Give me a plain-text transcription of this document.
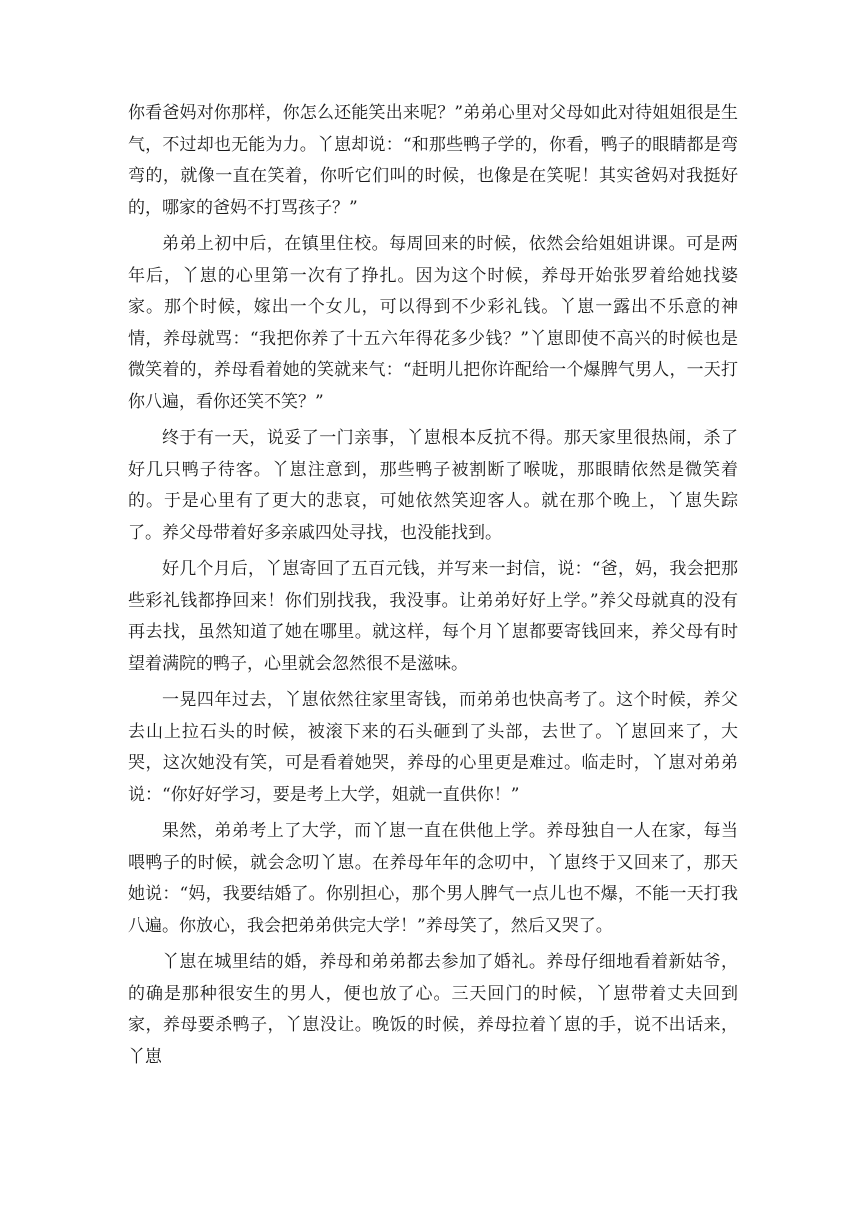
你看爸妈对你那样，你怎么还能笑出来呢？”弟弟心里对父母如此对待姐姐很是生气，不过却也无能为力。丫崽却说：“和那些鸭子学的，你看，鸭子的眼睛都是弯弯的，就像一直在笑着，你听它们叫的时候，也像是在笑呢！其实爸妈对我挺好的，哪家的爸妈不打骂孩子？”

弟弟上初中后，在镇里住校。每周回来的时候，依然会给姐姐讲课。可是两年后，丫崽的心里第一次有了挣扎。因为这个时候，养母开始张罗着给她找婆家。那个时候，嫁出一个女儿，可以得到不少彩礼钱。丫崽一露出不乐意的神情，养母就骂：“我把你养了十五六年得花多少钱？”丫崽即使不高兴的时候也是微笑着的，养母看着她的笑就来气：“赶明儿把你许配给一个爆脾气男人，一天打你八遍，看你还笑不笑？”

终于有一天，说妥了一门亲事，丫崽根本反抗不得。那天家里很热闹，杀了好几只鸭子待客。丫崽注意到，那些鸭子被割断了喉咙，那眼睛依然是微笑着的。于是心里有了更大的悲哀，可她依然笑迎客人。就在那个晚上，丫崽失踪了。养父母带着好多亲戚四处寻找，也没能找到。

好几个月后，丫崽寄回了五百元钱，并写来一封信，说：“爸，妈，我会把那些彩礼钱都挣回来！你们别找我，我没事。让弟弟好好上学。”养父母就真的没有再去找，虽然知道了她在哪里。就这样，每个月丫崽都要寄钱回来，养父母有时望着满院的鸭子，心里就会忽然很不是滋味。

一晃四年过去，丫崽依然往家里寄钱，而弟弟也快高考了。这个时候，养父去山上拉石头的时候，被滚下来的石头砸到了头部，去世了。丫崽回来了，大哭，这次她没有笑，可是看着她哭，养母的心里更是难过。临走时，丫崽对弟弟说：“你好好学习，要是考上大学，姐就一直供你！”

果然，弟弟考上了大学，而丫崽一直在供他上学。养母独自一人在家，每当喂鸭子的时候，就会念叨丫崽。在养母年年的念叨中，丫崽终于又回来了，那天她说：“妈，我要结婚了。你别担心，那个男人脾气一点儿也不爆，不能一天打我八遍。你放心，我会把弟弟供完大学！”养母笑了，然后又哭了。

丫崽在城里结的婚，养母和弟弟都去参加了婚礼。养母仔细地看着新姑爷，的确是那种很安生的男人，便也放了心。三天回门的时候，丫崽带着丈夫回到家，养母要杀鸭子，丫崽没让。晚饭的时候，养母拉着丫崽的手，说不出话来，丫崽
